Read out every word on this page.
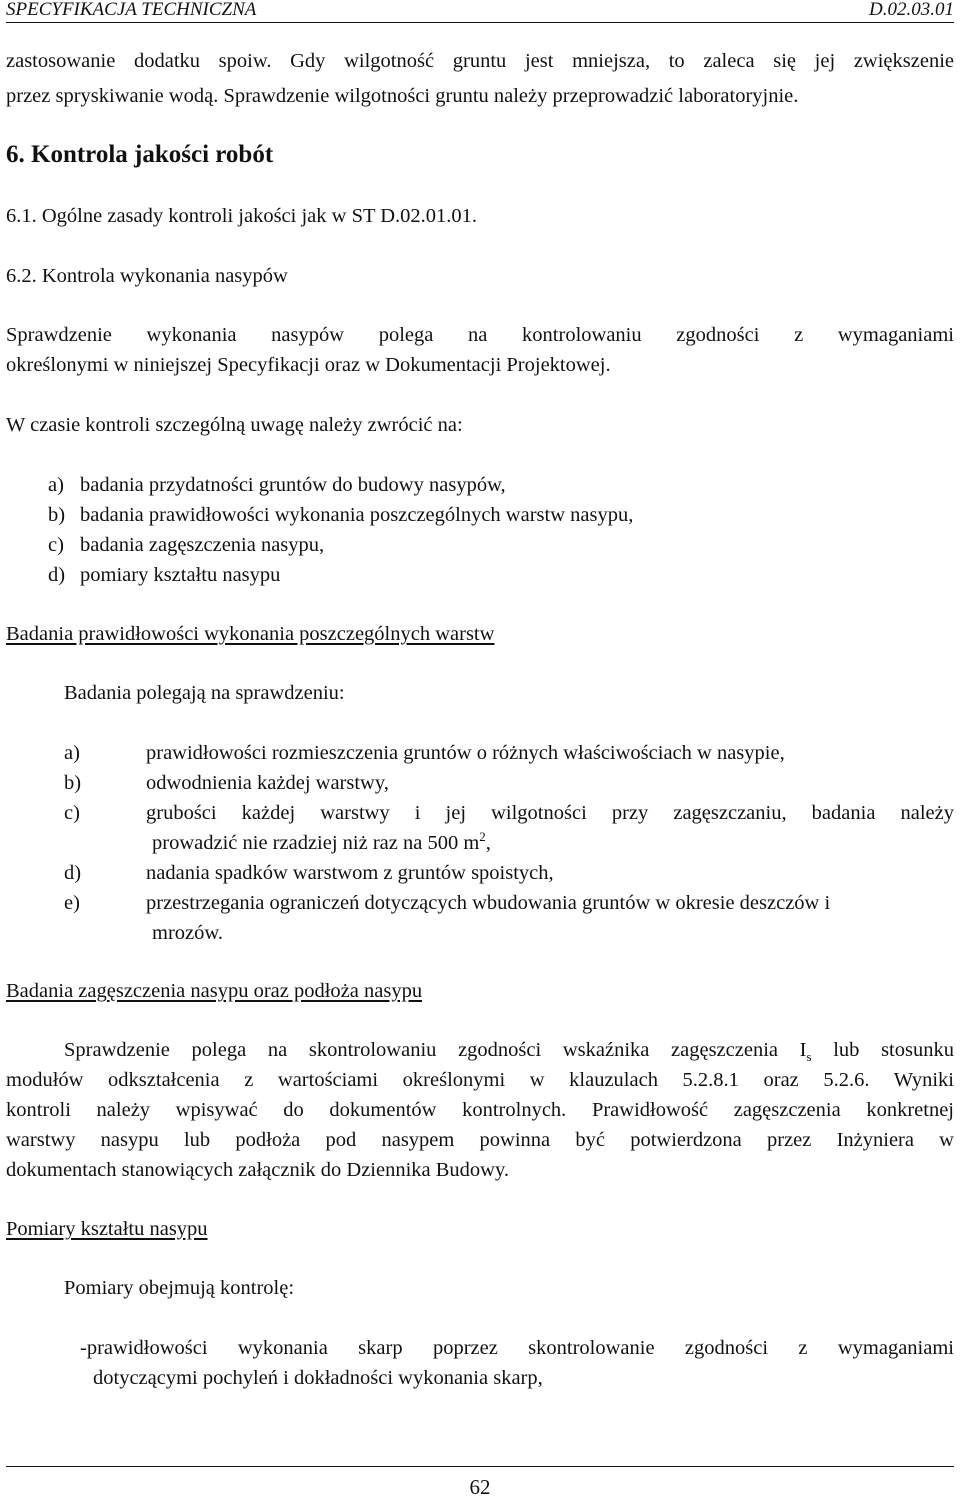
SPECYFIKACJA TECHNICZNA	D.02.03.01
zastosowanie dodatku spoiw. Gdy wilgotność gruntu jest mniejsza, to zaleca się jej zwiększenie
przez spryskiwanie wodą. Sprawdzenie wilgotności gruntu należy przeprowadzić laboratoryjnie.
6. Kontrola jakości robót
6.1. Ogólne zasady kontroli jakości jak w ST D.02.01.01.
6.2. Kontrola wykonania nasypów
Sprawdzenie wykonania nasypów polega na kontrolowaniu zgodności z wymaganiami
określonymi w niniejszej Specyfikacji oraz w Dokumentacji Projektowej.
W czasie kontroli szczególną uwagę należy zwrócić na:
a) badania przydatności gruntów do budowy nasypów,
b) badania prawidłowości wykonania poszczególnych warstw nasypu,
c) badania zagęszczenia nasypu,
d) pomiary kształtu nasypu
Badania prawidłowości wykonania poszczególnych warstw
Badania polegają na sprawdzeniu:
a)	prawidłowości rozmieszczenia gruntów o różnych właściwościach w nasypie,
b)	odwodnienia każdej warstwy,
c)	grubości każdej warstwy i jej wilgotności przy zagęszczaniu, badania należy
prowadzić nie rzadziej niż raz na 500 $m^2$,
d)	nadania spadków warstwom z gruntów spoistych,
e)	przestrzegania ograniczeń dotyczących wbudowania gruntów w okresie deszczów i
mrozów.
Badania zagęszczenia nasypu oraz podłoża nasypu
Sprawdzenie polega na skontrolowaniu zgodności wskaźnika zagęszczenia $I_s$ lub stosunku
modułów odkształcenia z wartościami określonymi w klauzulach 5.2.8.1 oraz 5.2.6. Wyniki
kontroli należy wpisywać do dokumentów kontrolnych. Prawidłowość zagęszczenia konkretnej
warstwy nasypu lub podłoża pod nasypem powinna być potwierdzona przez Inżyniera w
dokumentach stanowiących załącznik do Dziennika Budowy.
Pomiary kształtu nasypu
Pomiary obejmują kontrolę:
-prawidłowości wykonania skarp poprzez skontrolowanie zgodności z wymaganiami
dotyczącymi pochyleń i dokładności wykonania skarp,
62
